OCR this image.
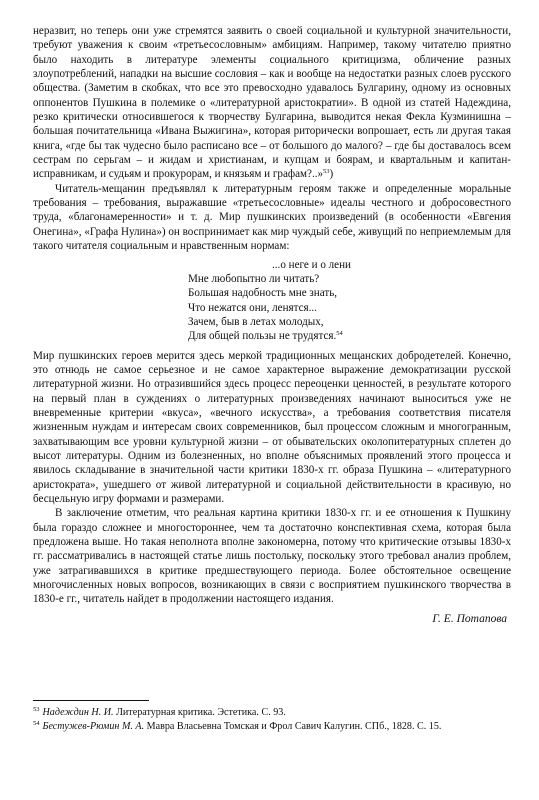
неразвит, но теперь они уже стремятся заявить о своей социальной и культурной значительности, требуют уважения к своим «третьесословным» амбициям. Например, такому читателю приятно было находить в литературе элементы социального критицизма, обличение разных злоупотреблений, нападки на высшие сословия – как и вообще на недостатки разных слоев русского общества. (Заметим в скобках, что все это превосходно удавалось Булгарину, одному из основных оппонентов Пушкина в полемике о «литературной аристократии». В одной из статей Надеждина, резко критически относившегося к творчеству Булгарина, выводится некая Фекла Кузминишна – большая почитательница «Ивана Выжигина», которая риторически вопрошает, есть ли другая такая книга, «где бы так чудесно было расписано все – от большого до малого? – где бы доставалось всем сестрам по серьгам – и жидам и христианам, и купцам и боярам, и квартальным и капитан-исправникам, и судьям и прокурорам, и князьям и графам?..»$^{53}$)

Читатель-мещанин предъявлял к литературным героям также и определенные моральные требования – требования, выражавшие «третьесословные» идеалы честного и добросовестного труда, «благонамеренности» и т. д. Мир пушкинских произведений (в особенности «Евгения Онегина», «Графа Нулина») он воспринимает как мир чуждый себе, живущий по неприемлемым для такого читателя социальным и нравственным нормам:

...о неге и о лени
Мне любопытно ли читать?
Большая надобность мне знать,
Что нежатся они, ленятся...
Зачем, быв в летах молодых,
Для общей пользы не трудятся.$^{54}$

Мир пушкинских героев мерится здесь меркой традиционных мещанских добродетелей. Конечно, это отнюдь не самое серьезное и не самое характерное выражение демократизации русской литературной жизни. Но отразившийся здесь процесс переоценки ценностей, в результате которого на первый план в суждениях о литературных произведениях начинают выноситься уже не вневременные критерии «вкуса», «вечного искусства», а требования соответствия писателя жизненным нуждам и интересам своих современников, был процессом сложным и многогранным, захватывающим все уровни культурной жизни – от обывательских околопитературных сплетен до высот литературы. Одним из болезненных, но вполне объяснимых проявлений этого процесса и явилось складывание в значительной части критики 1830-х гг. образа Пушкина – «литературного аристократа», ушедшего от живой литературной и социальной действительности в красивую, но бесцельную игру формами и размерами.

В заключение отметим, что реальная картина критики 1830-х гг. и ее отношения к Пушкину была гораздо сложнее и многостороннее, чем та достаточно конспективная схема, которая была предложена выше. Но такая неполнота вполне закономерна, потому что критические отзывы 1830-х гг. рассматривались в настоящей статье лишь постольку, поскольку этого требовал анализ проблем, уже затрагивавшихся в критике предшествующего периода. Более обстоятельное освещение многочисленных новых вопросов, возникающих в связи с восприятием пушкинского творчества в 1830-е гг., читатель найдет в продолжении настоящего издания.

Г. Е. Потапова

$^{53}$ Надеждин Н. И. Литературная критика. Эстетика. С. 93.

$^{54}$ Бестужев-Рюмин М. А. Мавра Власьевна Томская и Фрол Савич Калугин. СПб., 1828. С. 15.
